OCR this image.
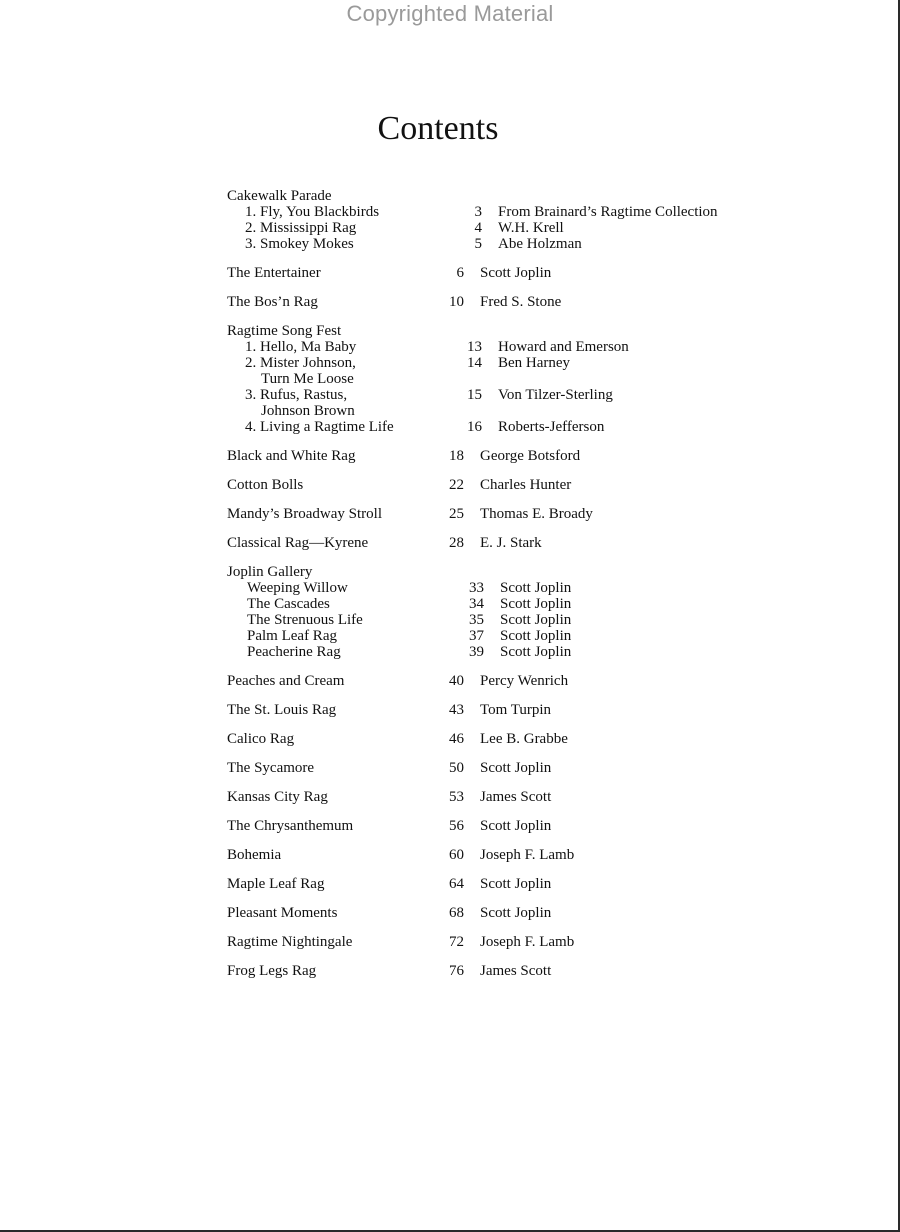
Copyrighted Material
Contents
Cakewalk Parade
1. Fly, You Blackbirds	3	From Brainard’s Ragtime Collection
2. Mississippi Rag	4	W.H. Krell
3. Smokey Mokes	5	Abe Holzman
The Entertainer	6	Scott Joplin
The Bos’n Rag	10	Fred S. Stone
Ragtime Song Fest
1. Hello, Ma Baby	13	Howard and Emerson
2. Mister Johnson,	14	Ben Harney
Turn Me Loose
3. Rufus, Rastus,	15	Von Tilzer-Sterling
Johnson Brown
4. Living a Ragtime Life	16	Roberts-Jefferson
Black and White Rag	18	George Botsford
Cotton Bolls	22	Charles Hunter
Mandy’s Broadway Stroll	25	Thomas E. Broady
Classical Rag—Kyrene	28	E. J. Stark
Joplin Gallery
Weeping Willow	33	Scott Joplin
The Cascades	34	Scott Joplin
The Strenuous Life	35	Scott Joplin
Palm Leaf Rag	37	Scott Joplin
Peacherine Rag	39	Scott Joplin
Peaches and Cream	40	Percy Wenrich
The St. Louis Rag	43	Tom Turpin
Calico Rag	46	Lee B. Grabbe
The Sycamore	50	Scott Joplin
Kansas City Rag	53	James Scott
The Chrysanthemum	56	Scott Joplin
Bohemia	60	Joseph F. Lamb
Maple Leaf Rag	64	Scott Joplin
Pleasant Moments	68	Scott Joplin
Ragtime Nightingale	72	Joseph F. Lamb
Frog Legs Rag	76	James Scott
